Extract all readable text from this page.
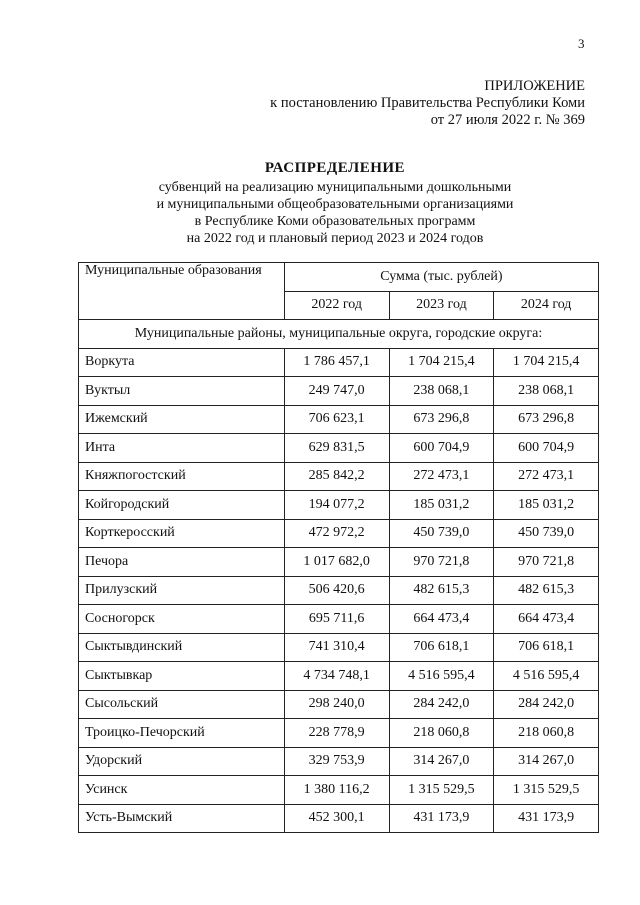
3
ПРИЛОЖЕНИЕ
к постановлению Правительства Республики Коми
от 27 июля 2022 г. № 369
РАСПРЕДЕЛЕНИЕ
субвенций на реализацию муниципальными дошкольными
и муниципальными общеобразовательными организациями
в Республике Коми образовательных программ
на 2022 год и плановый период 2023 и 2024 годов
Муниципальные образования	Сумма (тыс. рублей)		
	2022 год	2023 год	2024 год
Муниципальные районы, муниципальные округа, городские округа:			
Воркута	1 786 457,1	1 704 215,4	1 704 215,4
Вуктыл	249 747,0	238 068,1	238 068,1
Ижемский	706 623,1	673 296,8	673 296,8
Инта	629 831,5	600 704,9	600 704,9
Княжпогостский	285 842,2	272 473,1	272 473,1
Койгородский	194 077,2	185 031,2	185 031,2
Корткеросский	472 972,2	450 739,0	450 739,0
Печора	1 017 682,0	970 721,8	970 721,8
Прилузский	506 420,6	482 615,3	482 615,3
Сосногорск	695 711,6	664 473,4	664 473,4
Сыктывдинский	741 310,4	706 618,1	706 618,1
Сыктывкар	4 734 748,1	4 516 595,4	4 516 595,4
Сысольский	298 240,0	284 242,0	284 242,0
Троицко-Печорский	228 778,9	218 060,8	218 060,8
Удорский	329 753,9	314 267,0	314 267,0
Усинск	1 380 116,2	1 315 529,5	1 315 529,5
Усть-Вымский	452 300,1	431 173,9	431 173,9
